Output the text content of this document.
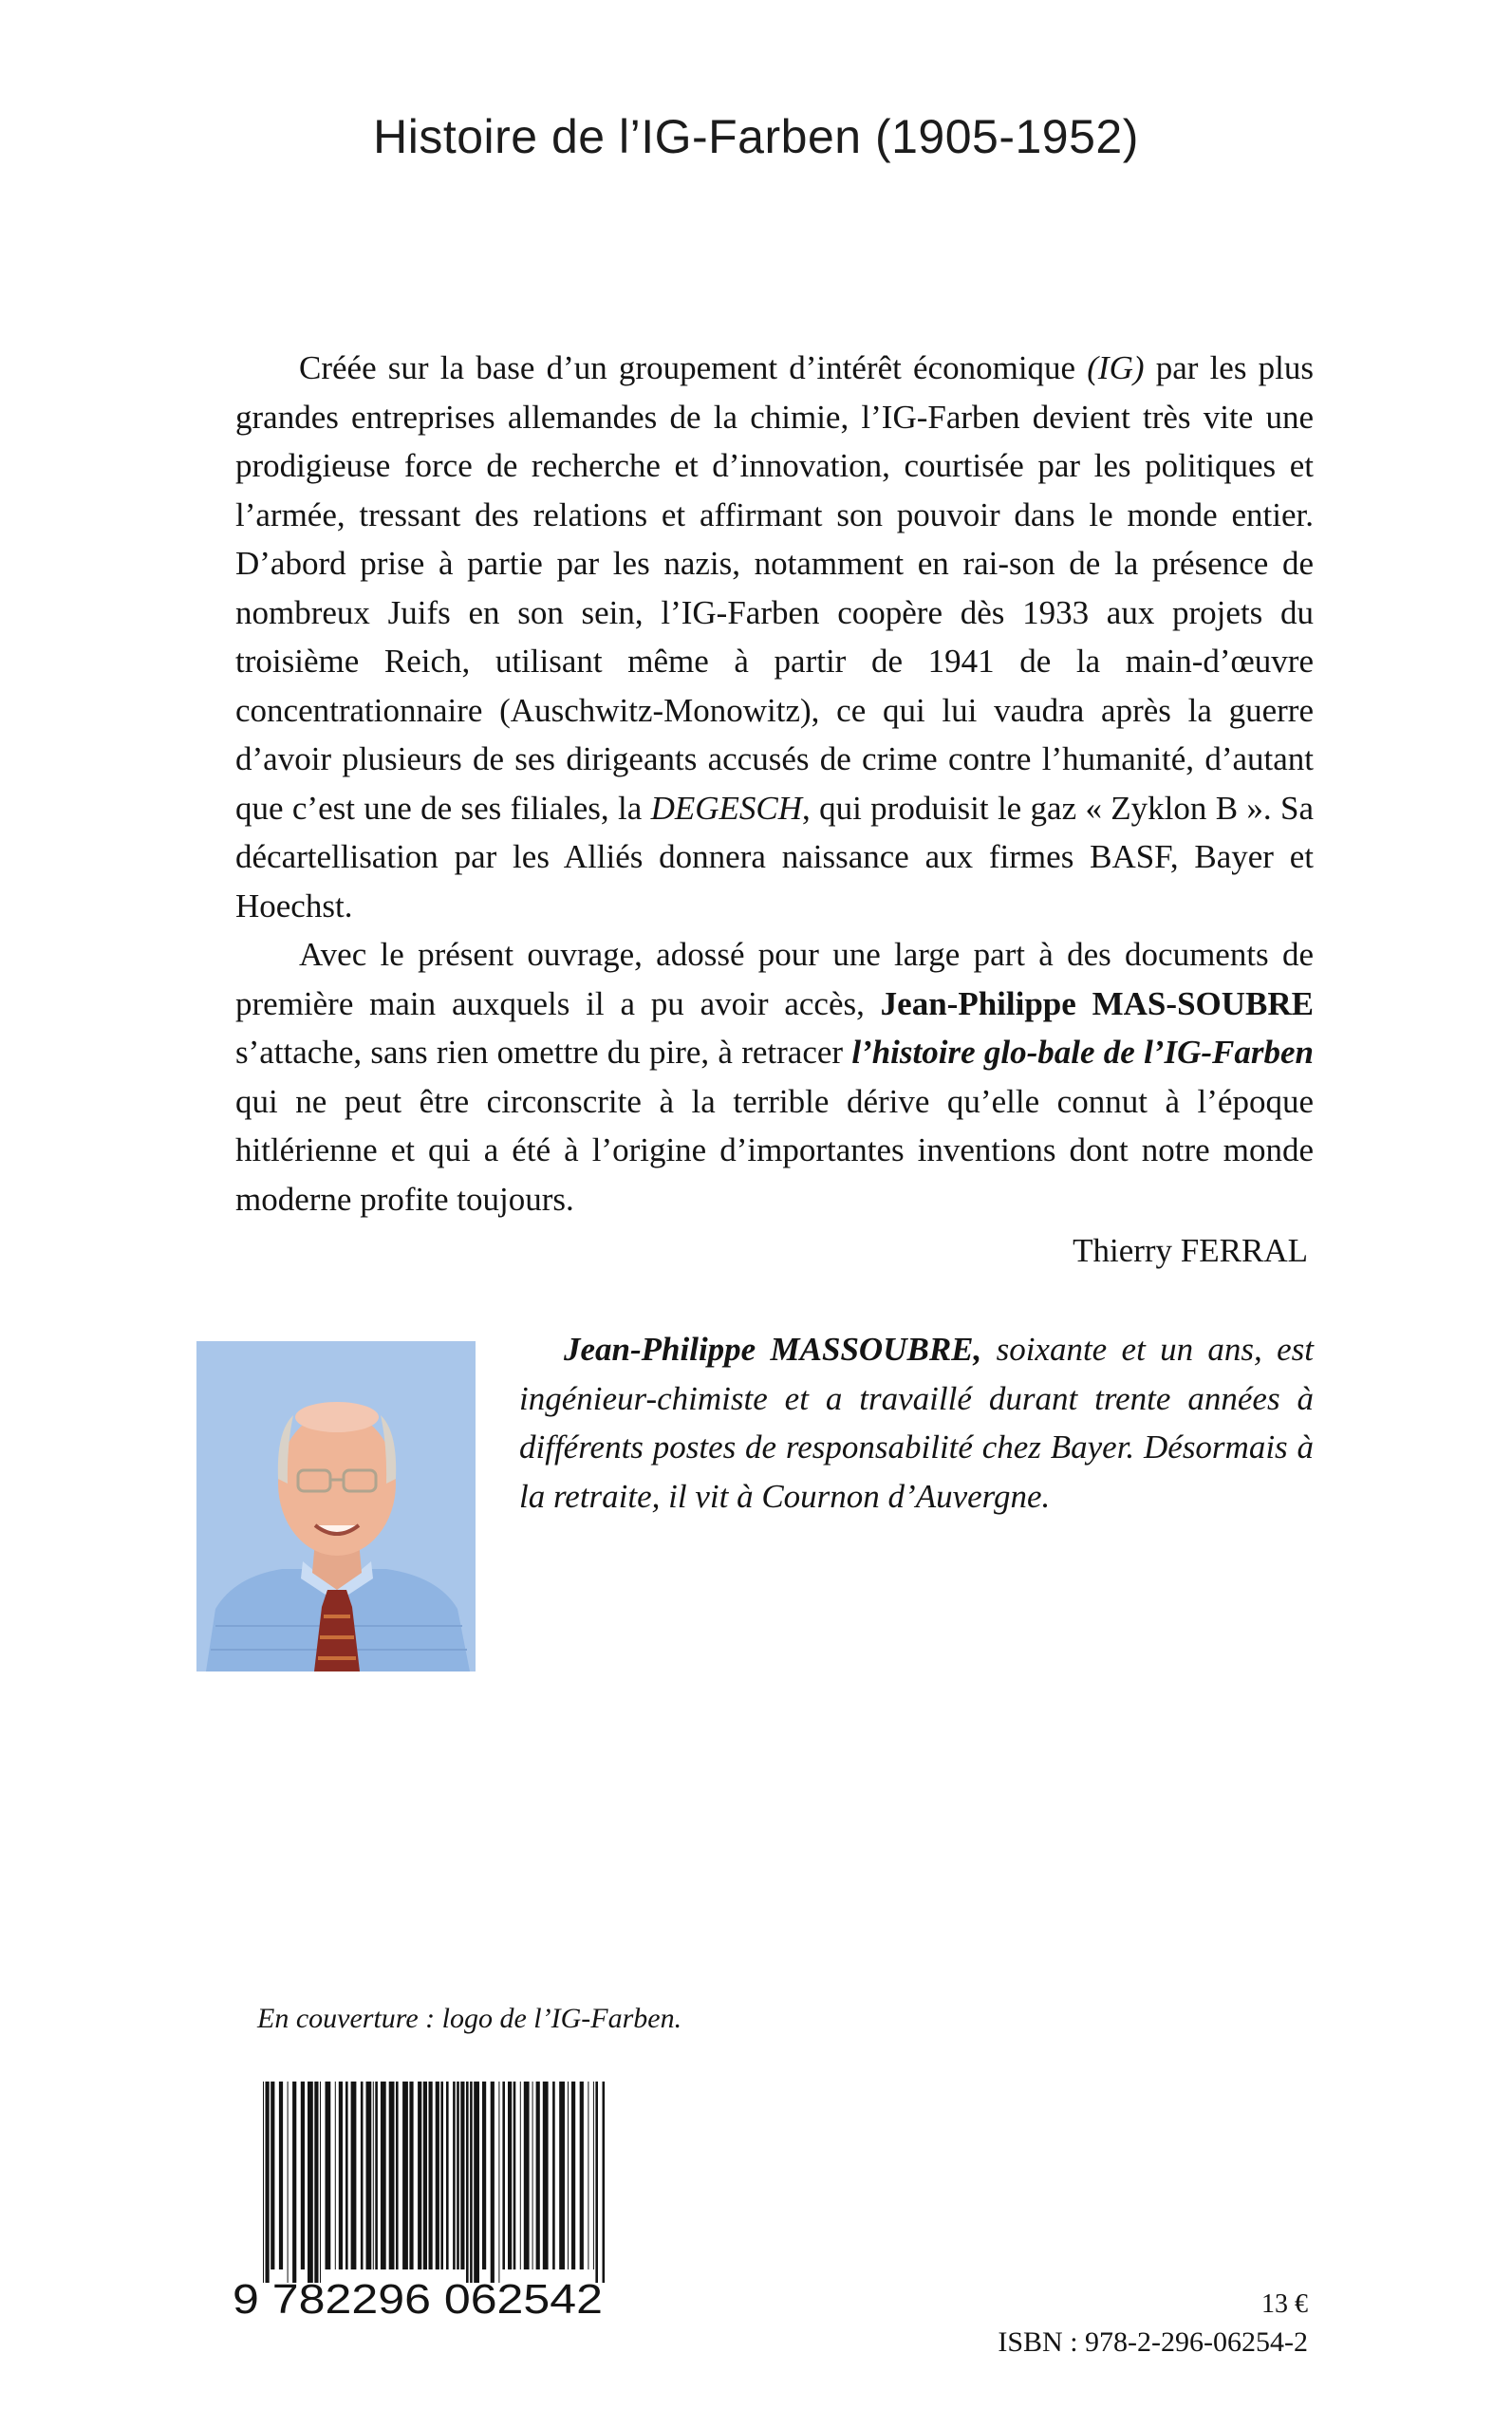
Histoire de l’IG-Farben (1905-1952)

Créée sur la base d’un groupement d’intérêt économique (IG) par les plus grandes entreprises allemandes de la chimie, l’IG-Farben devient très vite une prodigieuse force de recherche et d’innovation, courtisée par les politiques et l’armée, tressant des relations et affirmant son pouvoir dans le monde entier. D’abord prise à partie par les nazis, notamment en rai-son de la présence de nombreux Juifs en son sein, l’IG-Farben coopère dès 1933 aux projets du troisième Reich, utilisant même à partir de 1941 de la main-d’œuvre concentrationnaire (Auschwitz-Monowitz), ce qui lui vaudra après la guerre d’avoir plusieurs de ses dirigeants accusés de crime contre l’humanité, d’autant que c’est une de ses filiales, la DEGESCH, qui produisit le gaz « Zyklon B ». Sa décartellisation par les Alliés donnera naissance aux firmes BASF, Bayer et Hoechst.

Avec le présent ouvrage, adossé pour une large part à des documents de première main auxquels il a pu avoir accès, Jean-Philippe MAS-SOUBRE s’attache, sans rien omettre du pire, à retracer l’histoire glo-bale de l’IG-Farben qui ne peut être circonscrite à la terrible dérive qu’elle connut à l’époque hitlérienne et qui a été à l’origine d’importantes inventions dont notre monde moderne profite toujours.

Thierry FERRAL

Jean-Philippe MASSOUBRE, soixante et un ans, est ingénieur-chimiste et a travaillé durant trente années à différents postes de responsabilité chez Bayer. Désormais à la retraite, il vit à Cournon d’Auvergne.

En couverture : logo de l’IG-Farben.
9 782296 062542	13 €
ISBN : 978-2-296-06254-2
